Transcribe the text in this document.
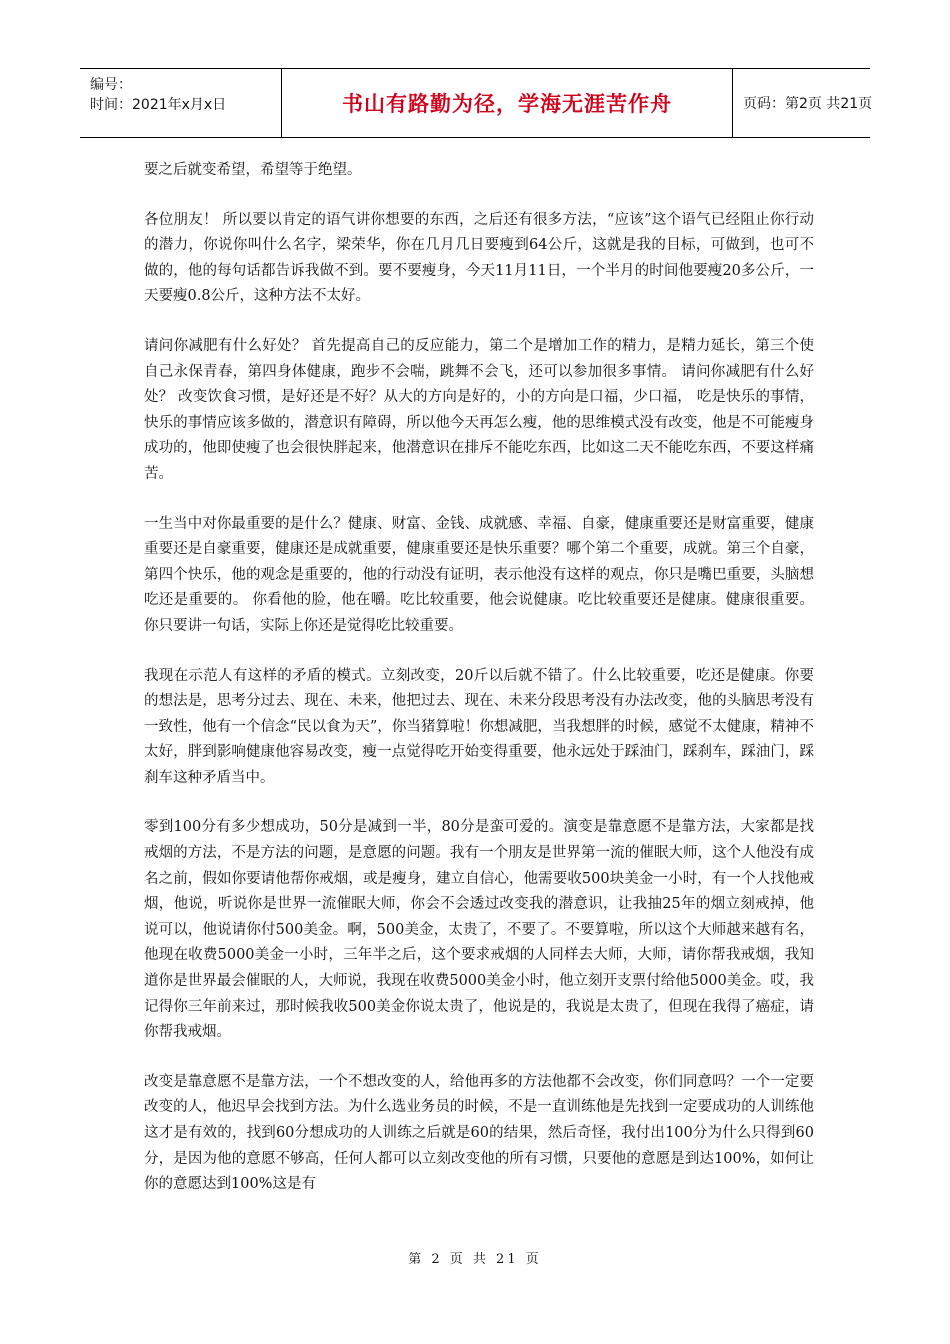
编号：
时间：2021年x月x日	书山有路勤为径，学海无涯苦作舟	页码：第2页 共21页

要之后就变希望，希望等于绝望。

各位朋友！ 所以要以肯定的语气讲你想要的东西，之后还有很多方法，“应该”这个语气已经阻止你行动的潜力，你说你叫什么名字，梁荣华，你在几月几日要瘦到64公斤，这就是我的目标，可做到，也可不做的，他的每句话都告诉我做不到。要不要瘦身，今天11月11日，一个半月的时间他要瘦20多公斤，一天要瘦0.8公斤，这种方法不太好。

请问你减肥有什么好处？ 首先提高自己的反应能力，第二个是增加工作的精力，是精力延长，第三个使自己永保青春，第四身体健康，跑步不会喘，跳舞不会飞，还可以参加很多事情。 请问你减肥有什么好处？ 改变饮食习惯，是好还是不好？从大的方向是好的，小的方向是口福，少口福， 吃是快乐的事情，快乐的事情应该多做的，潜意识有障碍，所以他今天再怎么瘦，他的思维模式没有改变，他是不可能瘦身成功的，他即使瘦了也会很快胖起来，他潜意识在排斥不能吃东西，比如这二天不能吃东西，不要这样痛苦。

一生当中对你最重要的是什么？健康、财富、金钱、成就感、幸福、自豪，健康重要还是财富重要，健康重要还是自豪重要，健康还是成就重要，健康重要还是快乐重要？哪个第二个重要，成就。第三个自豪，第四个快乐，他的观念是重要的，他的行动没有证明，表示他没有这样的观点，你只是嘴巴重要，头脑想吃还是重要的。 你看他的脸，他在嚼。吃比较重要，他会说健康。吃比较重要还是健康。健康很重要。你只要讲一句话，实际上你还是觉得吃比较重要。

我现在示范人有这样的矛盾的模式。立刻改变，20斤以后就不错了。什么比较重要，吃还是健康。你要的想法是，思考分过去、现在、未来，他把过去、现在、未来分段思考没有办法改变，他的头脑思考没有一致性，他有一个信念“民以食为天”，你当猪算啦！你想减肥，当我想胖的时候，感觉不太健康，精神不太好，胖到影响健康他容易改变，瘦一点觉得吃开始变得重要，他永远处于踩油门，踩刹车，踩油门，踩刹车这种矛盾当中。

零到100分有多少想成功，50分是减到一半，80分是蛮可爱的。演变是靠意愿不是靠方法，大家都是找戒烟的方法，不是方法的问题，是意愿的问题。我有一个朋友是世界第一流的催眠大师，这个人他没有成名之前，假如你要请他帮你戒烟，或是瘦身，建立自信心，他需要收500块美金一小时，有一个人找他戒烟，他说，听说你是世界一流催眠大师，你会不会透过改变我的潜意识，让我抽25年的烟立刻戒掉，他说可以，他说请你付500美金。啊，500美金，太贵了，不要了。不要算啦，所以这个大师越来越有名，他现在收费5000美金一小时，三年半之后，这个要求戒烟的人同样去大师，大师，请你帮我戒烟，我知道你是世界最会催眠的人，大师说，我现在收费5000美金小时，他立刻开支票付给他5000美金。哎，我记得你三年前来过，那时候我收500美金你说太贵了，他说是的，我说是太贵了，但现在我得了癌症，请你帮我戒烟。

改变是靠意愿不是靠方法，一个不想改变的人，给他再多的方法他都不会改变，你们同意吗？一个一定要改变的人，他迟早会找到方法。为什么选业务员的时候，不是一直训练他是先找到一定要成功的人训练他这才是有效的，找到60分想成功的人训练之后就是60的结果，然后奇怪，我付出100分为什么只得到60分，是因为他的意愿不够高，任何人都可以立刻改变他的所有习惯，只要他的意愿是到达100%，如何让你的意愿达到100%这是有

第 2 页 共 21 页
